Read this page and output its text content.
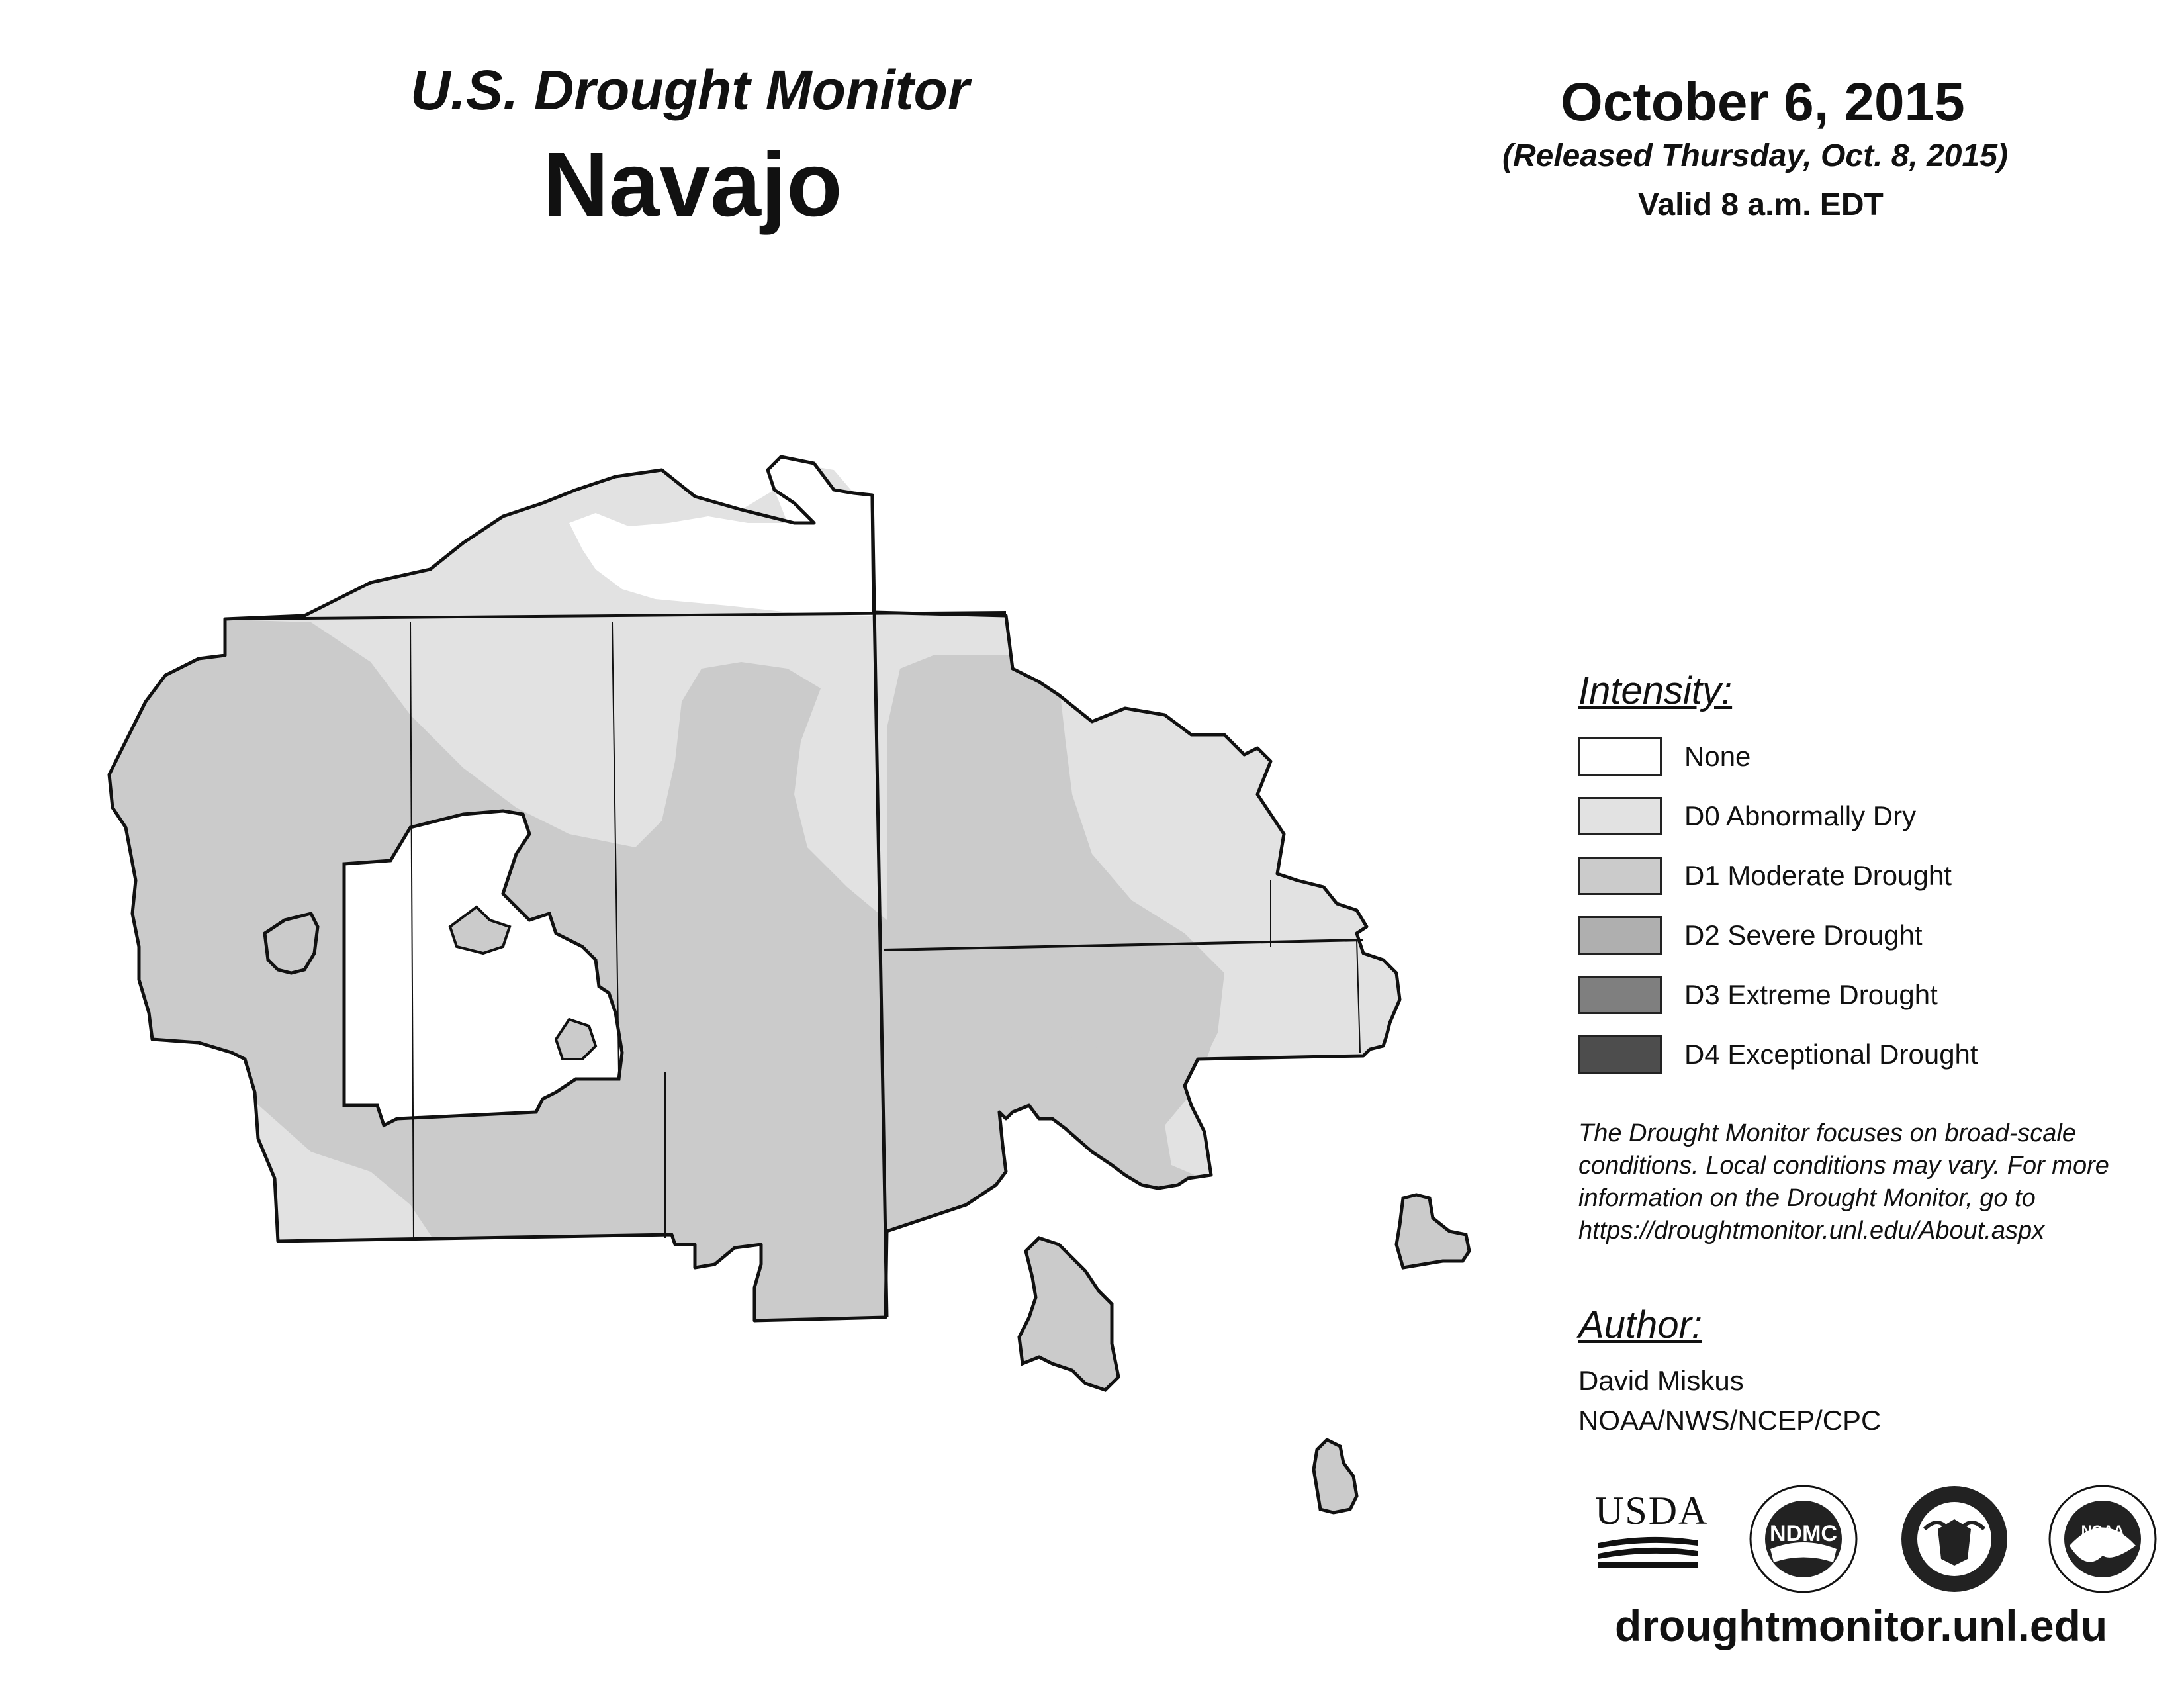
U.S. Drought Monitor
Navajo
October 6, 2015
(Released Thursday, Oct. 8, 2015)
Valid 8 a.m. EDT
Intensity:
None
D0 Abnormally Dry
D1 Moderate Drought
D2 Severe Drought
D3 Extreme Drought
D4 Exceptional Drought
The Drought Monitor focuses on broad-scale
conditions. Local conditions may vary. For more
information on the Drought Monitor, go to
https://droughtmonitor.unl.edu/About.aspx
Author:
David Miskus
NOAA/NWS/NCEP/CPC
USDA
NDMC	NOAA
droughtmonitor.unl.edu
